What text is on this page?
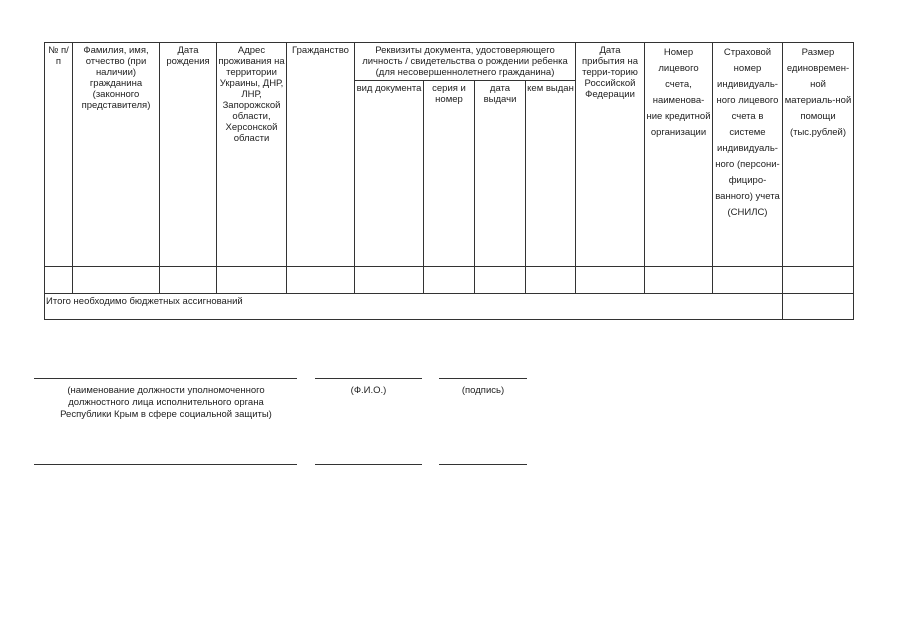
№ п/п	Фамилия, имя, отчество (при наличии) гражданина (законного представителя)	Дата рождения	Адрес проживания на территории Украины, ДНР, ЛНР, Запорожской области, Херсонской области	Гражданство	Реквизиты документа, удостоверяющего личность / свидетельства о рождении ребенка (для несовершеннолетнего гражданина)				Дата прибытия на терри-торию Российской Федерации	Номер лицевого счета, наименова-ние кредитной организации	Страховой номер индивидуаль-ного лицевого счета в системе индивидуаль-ного (персони-фициро-ванного) учета (СНИЛС)	Размер единовремен-ной материаль-ной помощи (тыс.рублей)
					вид документа	серия и номер	дата выдачи	кем выдан				

Итого необходимо бюджетных ассигнований												
(наименование должности уполномоченного должностного лица исполнительного органа Республики Крым в сфере социальной защиты)
(Ф.И.О.)	(подпись)
